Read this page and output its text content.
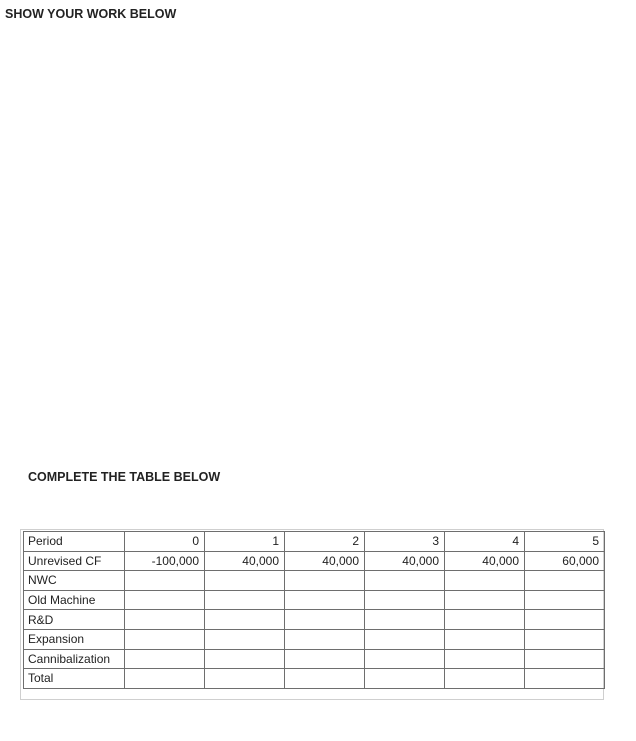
SHOW YOUR WORK BELOW
COMPLETE THE TABLE BELOW
Period	0	1	2	3	4	5
Unrevised CF	-100,000	40,000	40,000	40,000	40,000	60,000
NWC						
Old Machine						
R&D						
Expansion						
Cannibalization						
Total						
